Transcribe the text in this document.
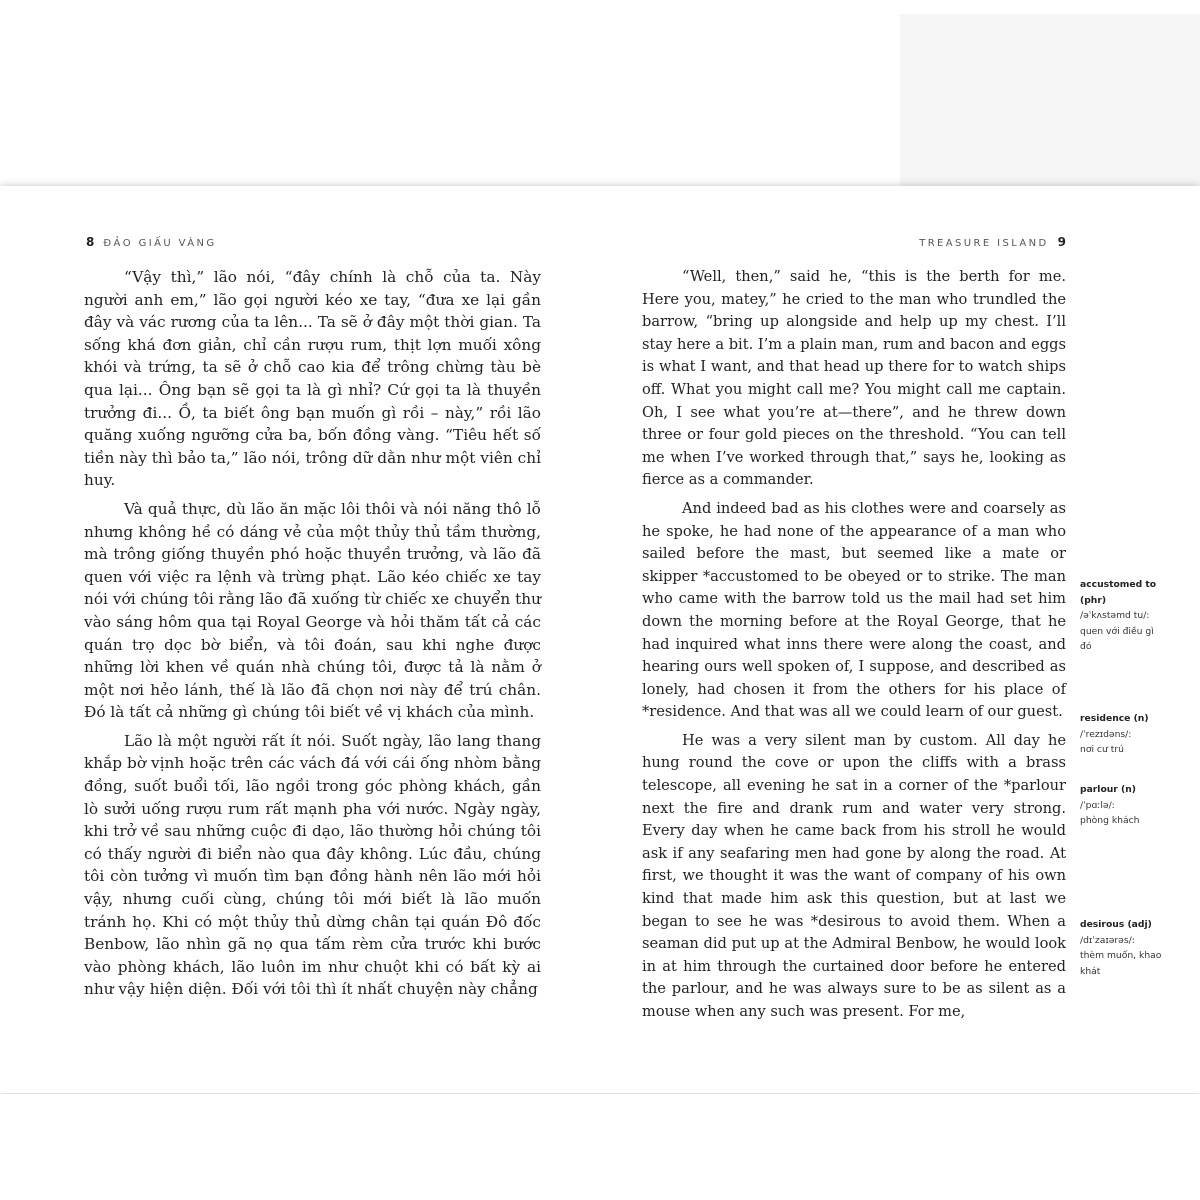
8 ĐẢO GIẤU VÀNG	TREASURE ISLAND 9

“Vậy thì,” lão nói, “đây chính là chỗ của ta. Này người anh em,” lão gọi người kéo xe tay, “đưa xe lại gần đây và vác rương của ta lên... Ta sẽ ở đây một thời gian. Ta sống khá đơn giản, chỉ cần rượu rum, thịt lợn muối xông khói và trứng, ta sẽ ở chỗ cao kia để trông chừng tàu bè qua lại... Ông bạn sẽ gọi ta là gì nhỉ? Cứ gọi ta là thuyền trưởng đi... Ồ, ta biết ông bạn muốn gì rồi – này,” rồi lão quăng xuống ngưỡng cửa ba, bốn đồng vàng. “Tiêu hết số tiền này thì bảo ta,” lão nói, trông dữ dằn như một viên chỉ huy.

Và quả thực, dù lão ăn mặc lôi thôi và nói năng thô lỗ nhưng không hề có dáng vẻ của một thủy thủ tầm thường, mà trông giống thuyền phó hoặc thuyền trưởng, và lão đã quen với việc ra lệnh và trừng phạt. Lão kéo chiếc xe tay nói với chúng tôi rằng lão đã xuống từ chiếc xe chuyển thư vào sáng hôm qua tại Royal George và hỏi thăm tất cả các quán trọ dọc bờ biển, và tôi đoán, sau khi nghe được những lời khen về quán nhà chúng tôi, được tả là nằm ở một nơi hẻo lánh, thế là lão đã chọn nơi này để trú chân. Đó là tất cả những gì chúng tôi biết về vị khách của mình.

Lão là một người rất ít nói. Suốt ngày, lão lang thang khắp bờ vịnh hoặc trên các vách đá với cái ống nhòm bằng đồng, suốt buổi tối, lão ngồi trong góc phòng khách, gần lò sưởi uống rượu rum rất mạnh pha với nước. Ngày ngày, khi trở về sau những cuộc đi dạo, lão thường hỏi chúng tôi có thấy người đi biển nào qua đây không. Lúc đầu, chúng tôi còn tưởng vì muốn tìm bạn đồng hành nên lão mới hỏi vậy, nhưng cuối cùng, chúng tôi mới biết là lão muốn tránh họ. Khi có một thủy thủ dừng chân tại quán Đô đốc Benbow, lão nhìn gã nọ qua tấm rèm cửa trước khi bước vào phòng khách, lão luôn im như chuột khi có bất kỳ ai như vậy hiện diện. Đối với tôi thì ít nhất chuyện này chẳng

“Well, then,” said he, “this is the berth for me. Here you, matey,” he cried to the man who trundled the barrow, “bring up alongside and help up my chest. I’ll stay here a bit. I’m a plain man, rum and bacon and eggs is what I want, and that head up there for to watch ships off. What you might call me? You might call me captain. Oh, I see what you’re at—there”, and he threw down three or four gold pieces on the threshold. “You can tell me when I’ve worked through that,” says he, looking as fierce as a commander.

And indeed bad as his clothes were and coarsely as he spoke, he had none of the appearance of a man who sailed before the mast, but seemed like a mate or skipper *accustomed to be obeyed or to strike. The man who came with the barrow told us the mail had set him down the morning before at the Royal George, that he had inquired what inns there were along the coast, and hearing ours well spoken of, I suppose, and described as lonely, had chosen it from the others for his place of *residence. And that was all we could learn of our guest.

He was a very silent man by custom. All day he hung round the cove or upon the cliffs with a brass telescope, all evening he sat in a corner of the *parlour next the fire and drank rum and water very strong. Every day when he came back from his stroll he would ask if any seafaring men had gone by along the road. At first, we thought it was the want of company of his own kind that made him ask this question, but at last we began to see he was *desirous to avoid them. When a seaman did put up at the Admiral Benbow, he would look in at him through the curtained door before he entered the parlour, and he was always sure to be as silent as a mouse when any such was present. For me,

accustomed to (phr)
/əˈkʌstəmd tu/:
quen với điều gì đó
residence (n)
/ˈrezɪdəns/:
nơi cư trú
parlour (n)
/ˈpɑːlə/:
phòng khách
desirous (adj)
/dɪˈzaɪərəs/:
thèm muốn, khao khát
